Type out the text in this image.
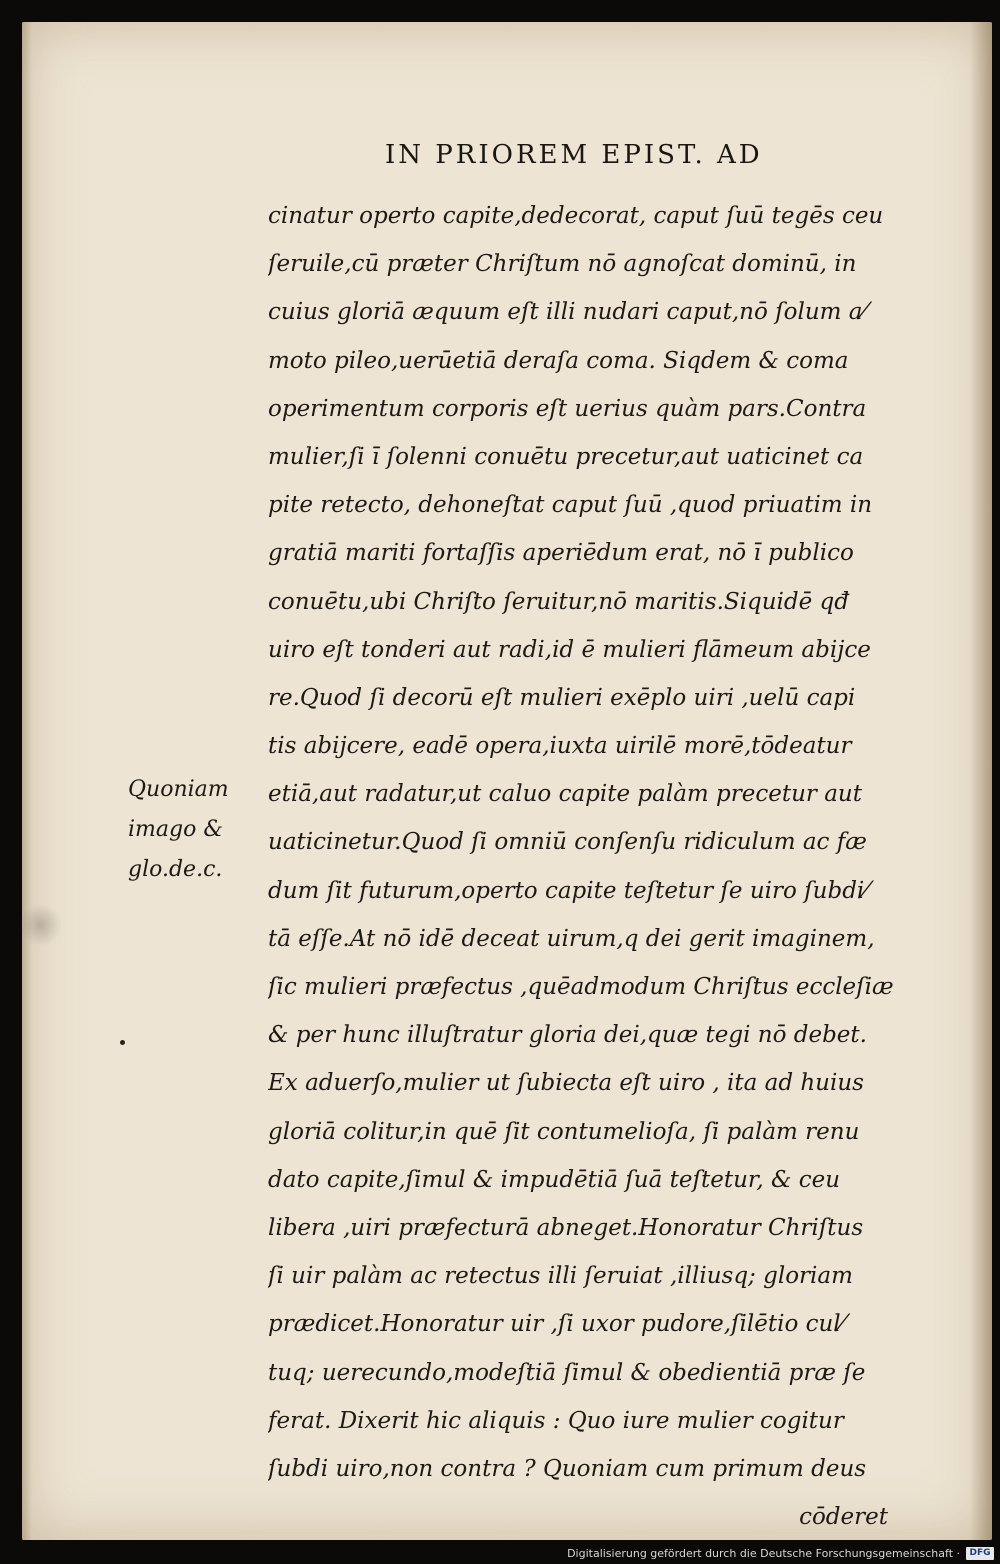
IN PRIOREM EPIST. AD
cinatur operto capite,dedecorat, caput ſuū tegēs ceu
ſeruile,cū præter Chriſtum nō agnoſcat dominū, in
cuius gloriā æquum eſt illi nudari caput,nō ſolum a⁄
moto pileo,uerūetiā deraſa coma. Siqdem & coma
operimentum corporis eſt uerius quàm pars.Contra
mulier,ſi ī ſolenni conuētu precetur,aut uaticinet ca
pite retecto, dehoneſtat caput ſuū ,quod priuatim in
gratiā mariti fortaſſis aperiēdum erat, nō ī publico
conuētu,ubi Chriſto ſeruitur,nō maritis.Siquidē qđ
uiro eſt tonderi aut radi,id ē mulieri flāmeum abijce
re.Quod ſi decorū eſt mulieri exēplo uiri ,uelū capi
tis abijcere, eadē opera,iuxta uirilē morē,tōdeatur
etiā,aut radatur,ut caluo capite palàm precetur aut
uaticinetur.Quod ſi omniū conſenſu ridiculum ac fæ
dum ſit futurum,operto capite teſtetur ſe uiro ſubdi⁄
tā eſſe.At nō idē deceat uirum,q dei gerit imaginem,
ſic mulieri præfectus ,quēadmodum Chriſtus eccleſiæ
& per hunc illuſtratur gloria dei,quæ tegi nō debet.
Ex aduerſo,mulier ut ſubiecta eſt uiro , ita ad huius
gloriā colitur,in quē ſit contumelioſa, ſi palàm renu
dato capite,ſimul & impudētiā ſuā teſtetur, & ceu
libera ,uiri præfecturā abneget.Honoratur Chriſtus
ſi uir palàm ac retectus illi ſeruiat ,illiusq; gloriam
prædicet.Honoratur uir ,ſi uxor pudore,ſilētio cul⁄
tuq; uerecundo,modeſtiā ſimul & obedientiā præ ſe
ferat. Dixerit hic aliquis : Quo iure mulier cogitur
ſubdi uiro,non contra ? Quoniam cum primum deus
cōderet
Quoniam
imago &
glo.de.c.
Digitalisierung gefördert durch die Deutsche Forschungsgemeinschaft ·	DFG
